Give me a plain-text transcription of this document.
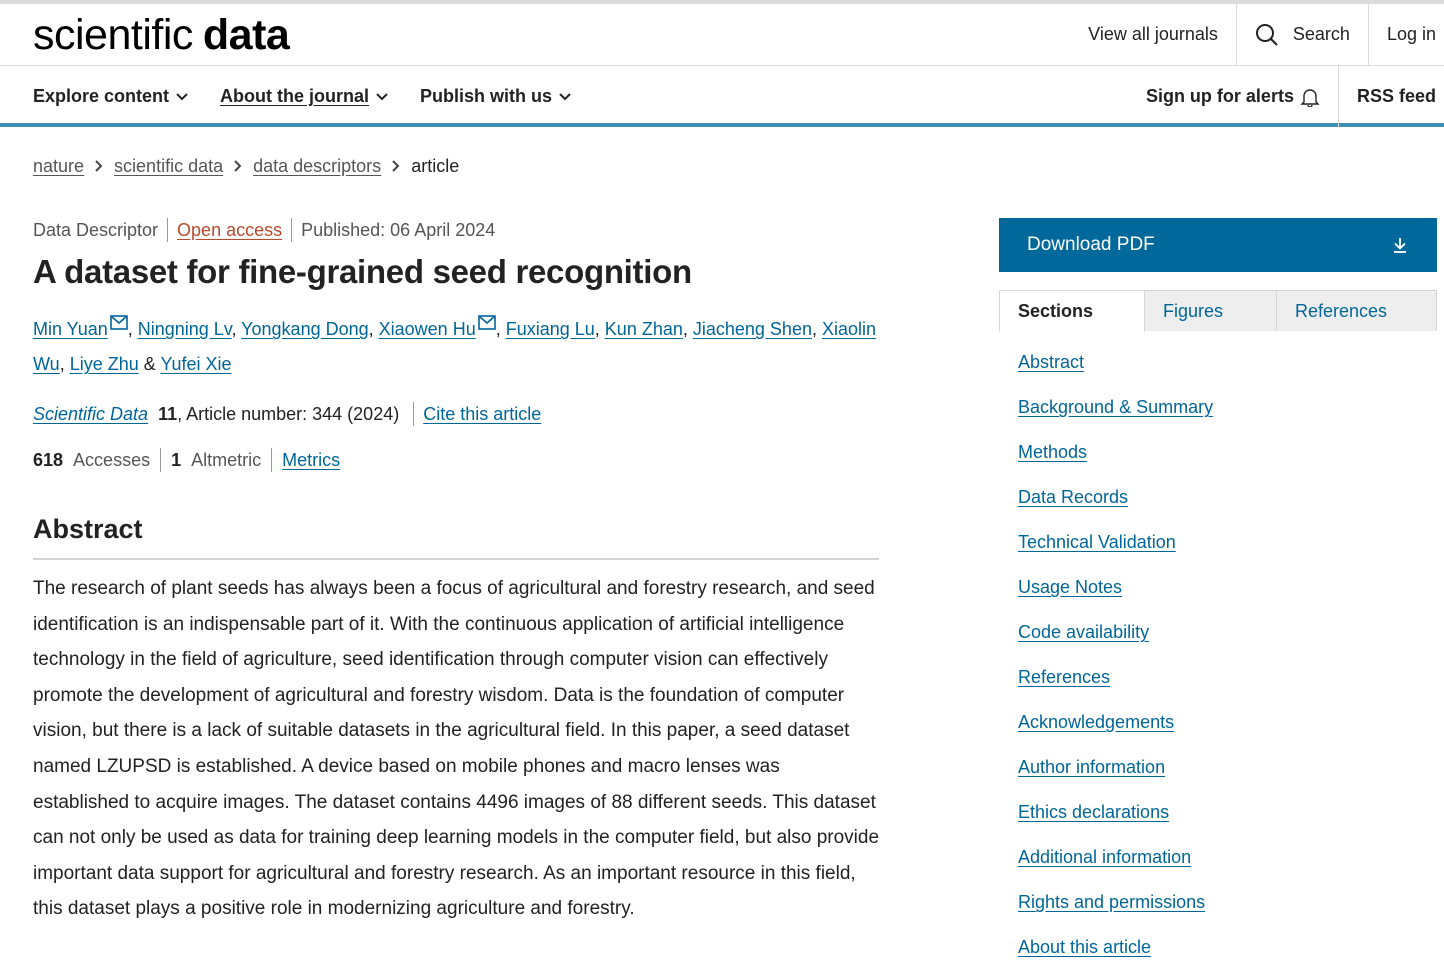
scientific data	View all journals	Search Log in
Explore content	About the journal	Publish with us	Sign up for alerts	RSS feed
nature scientific data data descriptors article
Data Descriptor Open access Published: 06 April 2024
A dataset for fine-grained seed recognition
Min Yuan , Ningning Lv, Yongkang Dong, Xiaowen Hu , Fuxiang Lu, Kun Zhan, Jiacheng Shen, Xiaolin Wu, Liye Zhu & Yufei Xie
Scientific Data 11 , Article number: 344 (2024) Cite this article
618 Accesses 1 Altmetric Metrics
Abstract

The research of plant seeds has always been a focus of agricultural and forestry research, and seed identification is an indispensable part of it. With the continuous application of artificial intelligence technology in the field of agriculture, seed identification through computer vision can effectively promote the development of agricultural and forestry wisdom. Data is the foundation of computer vision, but there is a lack of suitable datasets in the agricultural field. In this paper, a seed dataset named LZUPSD is established. A device based on mobile phones and macro lenses was established to acquire images. The dataset contains 4496 images of 88 different seeds. This dataset can not only be used as data for training deep learning models in the computer field, but also provide important data support for agricultural and forestry research. As an important resource in this field, this dataset plays a positive role in modernizing agriculture and forestry.

Download PDF
Sections	Figures	References
Abstract
Background & Summary
Methods
Data Records
Technical Validation
Usage Notes
Code availability
References
Acknowledgements
Author information
Ethics declarations
Additional information
Rights and permissions
About this article
